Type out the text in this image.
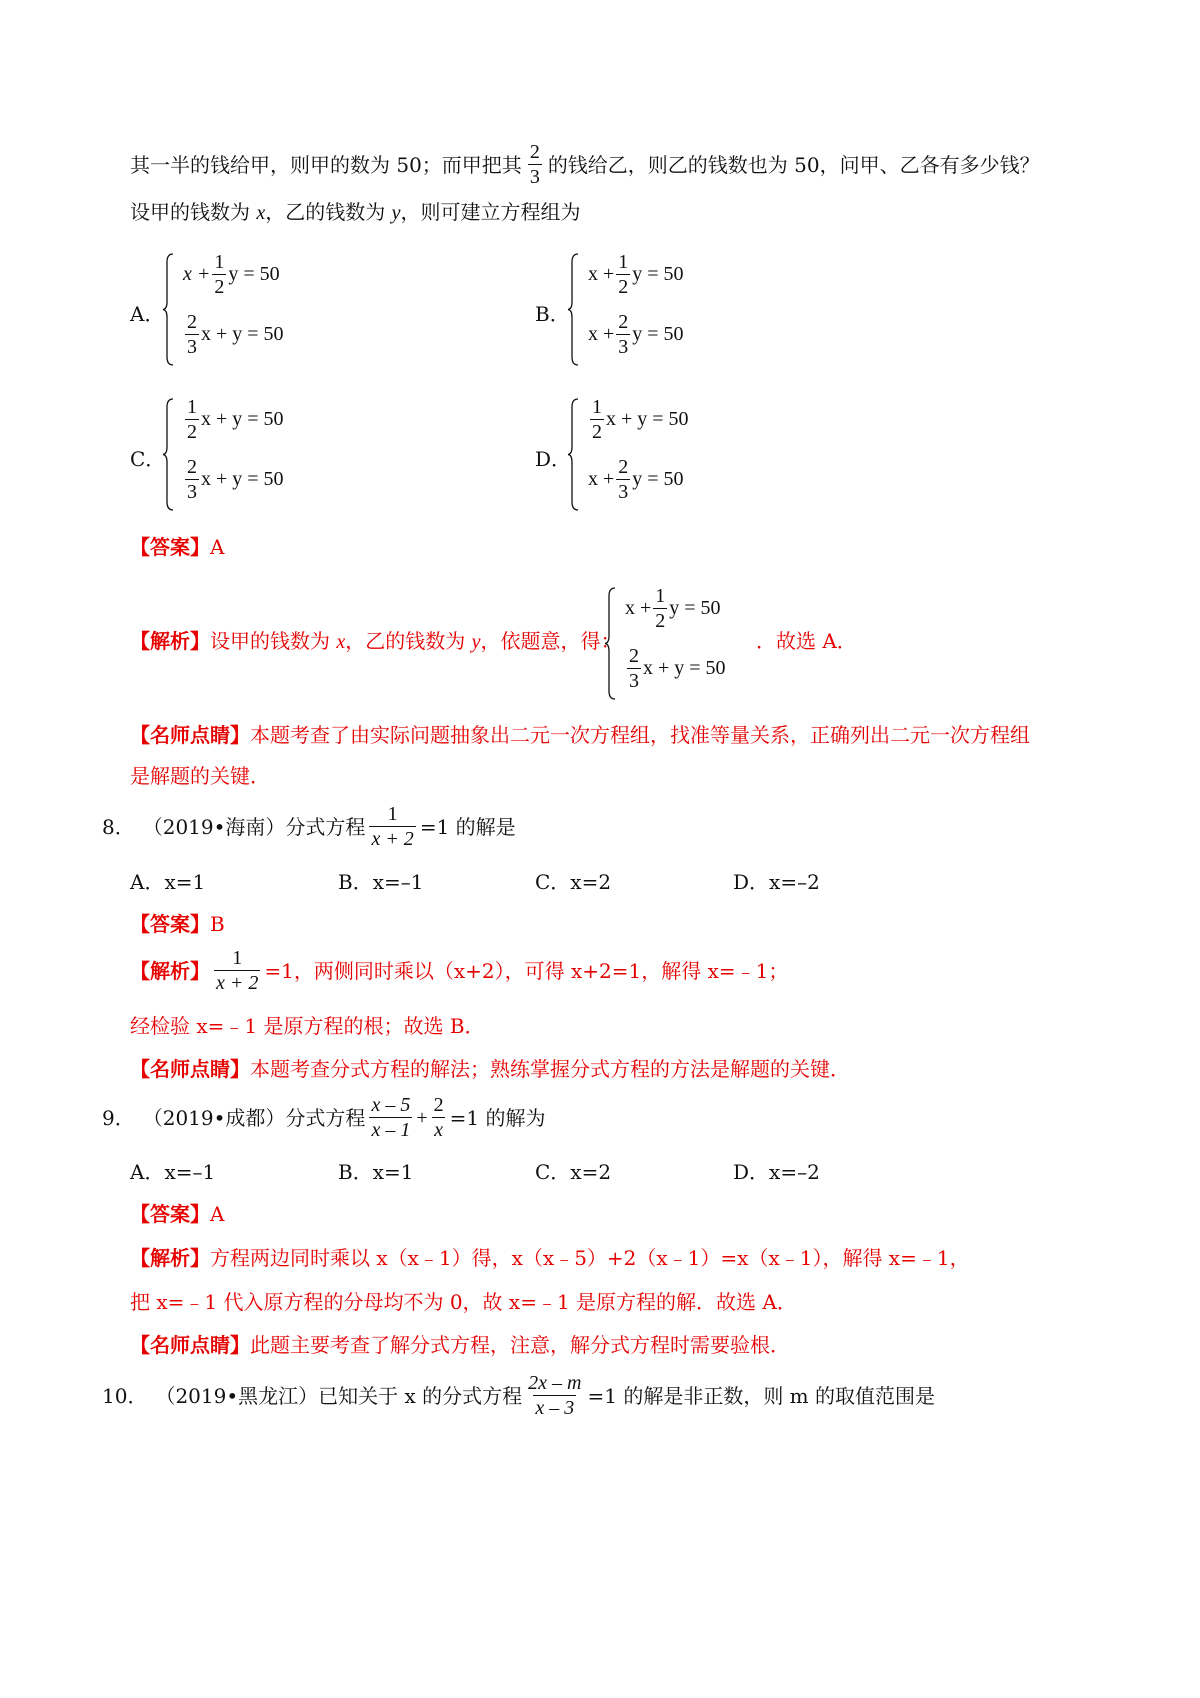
其一半的钱给甲，则甲的数为 50；而甲把其 $\frac{2}{3}$ 的钱给乙，则乙的钱数也为 50，问甲、乙各有多少钱？
设甲的钱数为 x，乙的钱数为 y，则可建立方程组为
A．
$x + \frac{1}{2}$ y = 50
$\frac{2}{3}$ x + y = 50
B．
$x + \frac{1}{2}$ y = 50
$x + \frac{2}{3}$ y = 50
C．
$\frac{1}{2}$ x + y = 50
$\frac{2}{3}$ x + y = 50
D．
$\frac{1}{2}$ x + y = 50
$x + \frac{2}{3}$ y = 50
【答案】A
【解析】设甲的钱数为 x，乙的钱数为 y，依题意，得：
$x + \frac{1}{2}$ y = 50
$\frac{2}{3}$ x + y = 50
．故选 A．
【名师点睛】本题考查了由实际问题抽象出二元一次方程组，找准等量关系，正确列出二元一次方程组
是解题的关键．
8． （2019•海南）分式方程 $\frac{1}{x + 2} =1$ 的解是
A．x=1	B．x=–1	C．x=2	D．x=–2
【答案】B
【解析】 $\frac{1}{x + 2} =1$，两侧同时乘以（x+2），可得 x+2=1，解得 x=﹣1；
经检验 x=﹣1 是原方程的根；故选 B．
【名师点睛】本题考查分式方程的解法；熟练掌握分式方程的方法是解题的关键．
9． （2019•成都）分式方程 $\frac{x - 5}{x - 1} + \frac{2}{x} =1$ 的解为
A．x=–1	B．x=1	C．x=2	D．x=–2
【答案】A
【解析】方程两边同时乘以 x（x﹣1）得，x（x﹣5）+2（x﹣1）=x（x﹣1），解得 x=﹣1，
把 x=﹣1 代入原方程的分母均不为 0，故 x=﹣1 是原方程的解．故选 A．
【名师点睛】此题主要考查了解分式方程，注意，解分式方程时需要验根．
10． （2019•黑龙江）已知关于 x 的分式方程 $\frac{2x - m}{x - 3} =1$ 的解是非正数，则 m 的取值范围是
